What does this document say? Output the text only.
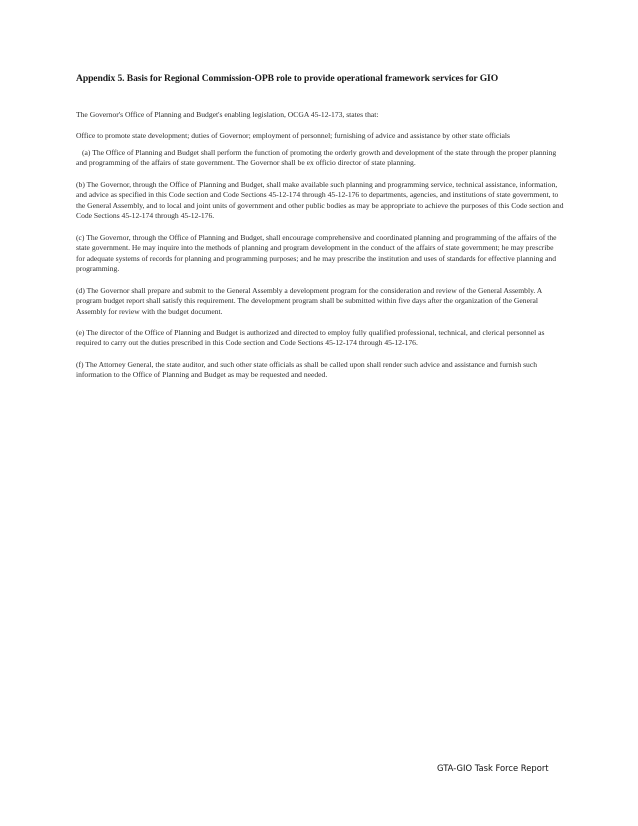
Appendix 5. Basis for Regional Commission-OPB role to provide operational framework services for GIO

The Governor's Office of Planning and Budget's enabling legislation, OCGA 45-12-173, states that:

Office to promote state development; duties of Governor; employment of personnel; furnishing of advice and assistance by other state officials

(a) The Office of Planning and Budget shall perform the function of promoting the orderly growth and development of the state through the proper planning and programming of the affairs of state government. The Governor shall be ex officio director of state planning.

(b) The Governor, through the Office of Planning and Budget, shall make available such planning and programming service, technical assistance, information, and advice as specified in this Code section and Code Sections 45-12-174 through 45-12-176 to departments, agencies, and institutions of state government, to the General Assembly, and to local and joint units of government and other public bodies as may be appropriate to achieve the purposes of this Code section and Code Sections 45-12-174 through 45-12-176.

(c) The Governor, through the Office of Planning and Budget, shall encourage comprehensive and coordinated planning and programming of the affairs of the state government. He may inquire into the methods of planning and program development in the conduct of the affairs of state government; he may prescribe for adequate systems of records for planning and programming purposes; and he may prescribe the institution and uses of standards for effective planning and programming.

(d) The Governor shall prepare and submit to the General Assembly a development program for the consideration and review of the General Assembly. A program budget report shall satisfy this requirement. The development program shall be submitted within five days after the organization of the General Assembly for review with the budget document.

(e) The director of the Office of Planning and Budget is authorized and directed to employ fully qualified professional, technical, and clerical personnel as required to carry out the duties prescribed in this Code section and Code Sections 45-12-174 through 45-12-176.

(f) The Attorney General, the state auditor, and such other state officials as shall be called upon shall render such advice and assistance and furnish such information to the Office of Planning and Budget as may be requested and needed.

GTA-GIO Task Force Report
